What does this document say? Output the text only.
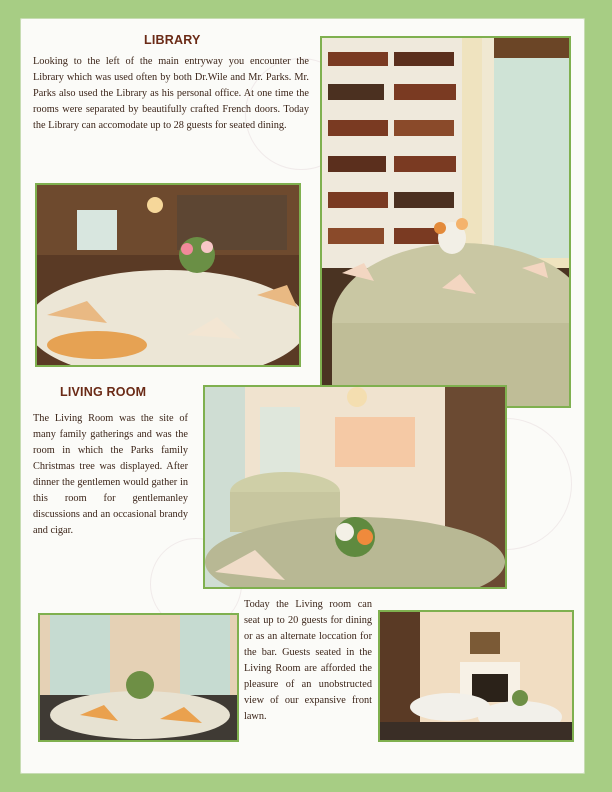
LIBRARY

Looking to the left of the main entryway you encounter the Library which was used often by both Dr.Wile and Mr. Parks. Mr. Parks also used the Library as his personal office. At one time the rooms were separated by beautifully crafted French doors. Today the Library can accomodate up to 28 guests for seated dining.

LIVING ROOM

The Living Room was the site of many family gatherings and was the room in which the Parks family Christmas tree was displayed. After dinner the gentlemen would gather in this room for gentlemanley discussions and an occasional brandy and cigar.

Today the Living room can seat up to 20 guests for dining or as an alternate loccation for the bar. Guests seated in the Living Room are afforded the pleasure of an unobstructed view of our expansive front lawn.
